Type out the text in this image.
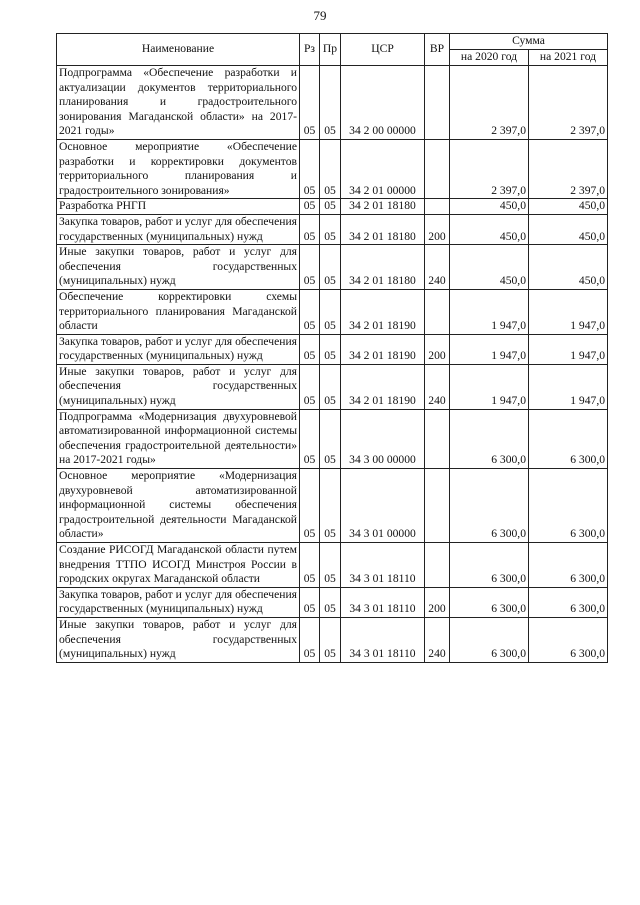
79
Наименование	Рз	Пр	ЦСР	ВР	Сумма	
					на 2020 год	на 2021 год
Подпрограмма «Обеспечение разработки и актуализации документов территориального планирования и градостроительного зонирования Магаданской области» на 2017-2021 годы»	05	05	34 2 00 00000		2 397,0	2 397,0
Основное мероприятие «Обеспечение разработки и корректировки документов территориального планирования и градостроительного зонирования»	05	05	34 2 01 00000		2 397,0	2 397,0
Разработка РНГП	05	05	34 2 01 18180		450,0	450,0
Закупка товаров, работ и услуг для обеспечения государственных (муниципальных) нужд	05	05	34 2 01 18180	200	450,0	450,0
Иные закупки товаров, работ и услуг для обеспечения государственных (муниципальных) нужд	05	05	34 2 01 18180	240	450,0	450,0
Обеспечение корректировки схемы территориального планирования Магаданской области	05	05	34 2 01 18190		1 947,0	1 947,0
Закупка товаров, работ и услуг для обеспечения государственных (муниципальных) нужд	05	05	34 2 01 18190	200	1 947,0	1 947,0
Иные закупки товаров, работ и услуг для обеспечения государственных (муниципальных) нужд	05	05	34 2 01 18190	240	1 947,0	1 947,0
Подпрограмма «Модернизация двухуровневой автоматизированной информационной системы обеспечения градостроительной деятельности» на 2017-2021 годы»	05	05	34 3 00 00000		6 300,0	6 300,0
Основное мероприятие «Модернизация двухуровневой автоматизированной информационной системы обеспечения градостроительной деятельности Магаданской области»	05	05	34 3 01 00000		6 300,0	6 300,0
Создание РИСОГД Магаданской области путем внедрения ТТПО ИСОГД Минстроя России в городских округах Магаданской области	05	05	34 3 01 18110		6 300,0	6 300,0
Закупка товаров, работ и услуг для обеспечения государственных (муниципальных) нужд	05	05	34 3 01 18110	200	6 300,0	6 300,0
Иные закупки товаров, работ и услуг для обеспечения государственных (муниципальных) нужд	05	05	34 3 01 18110	240	6 300,0	6 300,0
